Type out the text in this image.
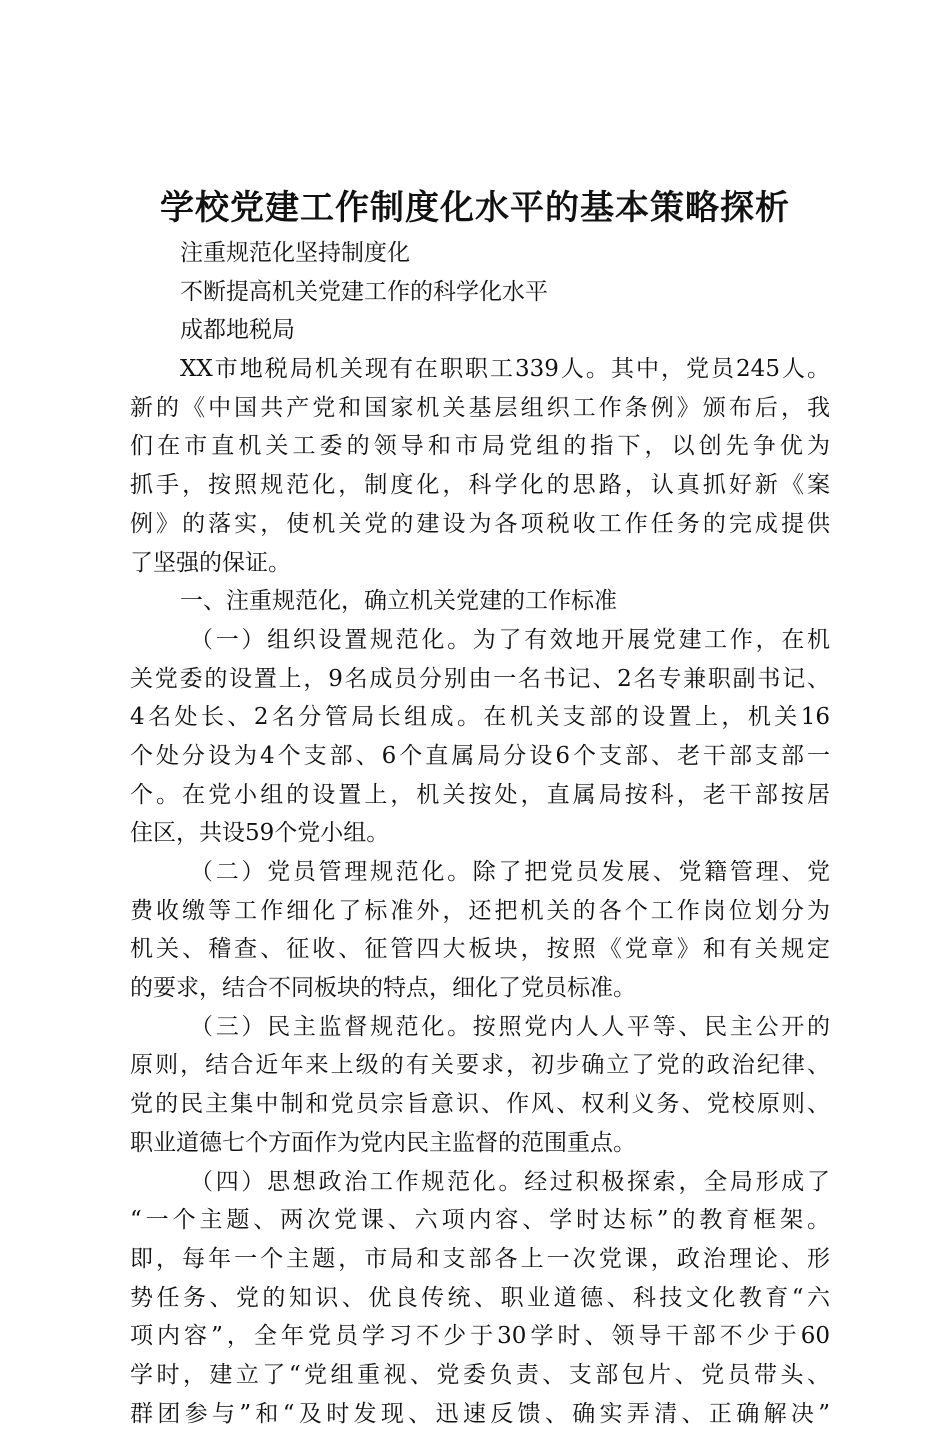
学校党建工作制度化水平的基本策略探析
注重规范化坚持制度化
不断提高机关党建工作的科学化水平
成都地税局
XX市地税局机关现有在职职工339人。其中，党员245人。
新的《中国共产党和国家机关基层组织工作条例》颁布后，我
们在市直机关工委的领导和市局党组的指下，以创先争优为
抓手，按照规范化，制度化，科学化的思路，认真抓好新《案
例》的落实，使机关党的建设为各项税收工作任务的完成提供
了坚强的保证。
一、注重规范化，确立机关党建的工作标准
（一）组织设置规范化。为了有效地开展党建工作，在机
关党委的设置上，9名成员分别由一名书记、2名专兼职副书记、
4名处长、2名分管局长组成。在机关支部的设置上，机关16
个处分设为4个支部、6个直属局分设6个支部、老干部支部一
个。在党小组的设置上，机关按处，直属局按科，老干部按居
住区，共设59个党小组。
（二）党员管理规范化。除了把党员发展、党籍管理、党
费收缴等工作细化了标准外，还把机关的各个工作岗位划分为
机关、稽查、征收、征管四大板块，按照《党章》和有关规定
的要求，结合不同板块的特点，细化了党员标准。
（三）民主监督规范化。按照党内人人平等、民主公开的
原则，结合近年来上级的有关要求，初步确立了党的政治纪律、
党的民主集中制和党员宗旨意识、作风、权利义务、党校原则、
职业道德七个方面作为党内民主监督的范围重点。
（四）思想政治工作规范化。经过积极探索，全局形成了
“一个主题、两次党课、六项内容、学时达标”的教育框架。
即，每年一个主题，市局和支部各上一次党课，政治理论、形
势任务、党的知识、优良传统、职业道德、科技文化教育“六
项内容”，全年党员学习不少于30学时、领导干部不少于60
学时，建立了“党组重视、党委负责、支部包片、党员带头、
群团参与”和“及时发现、迅速反馈、确实弄清、正确解决”
